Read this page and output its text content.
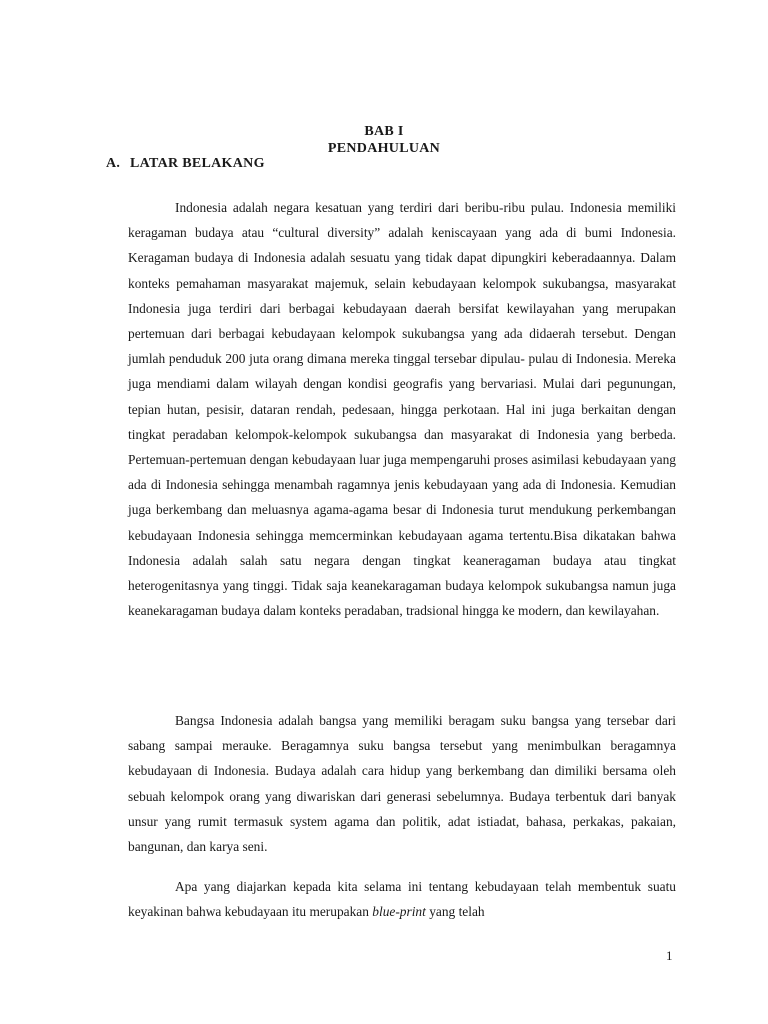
BAB I
PENDAHULUAN
A. LATAR BELAKANG

Indonesia adalah negara kesatuan yang terdiri dari beribu-ribu pulau. Indonesia memiliki keragaman budaya atau “cultural diversity” adalah keniscayaan yang ada di bumi Indonesia. Keragaman budaya di Indonesia adalah sesuatu yang tidak dapat dipungkiri keberadaannya. Dalam konteks pemahaman masyarakat majemuk, selain kebudayaan kelompok sukubangsa, masyarakat Indonesia juga terdiri dari berbagai kebudayaan daerah bersifat kewilayahan yang merupakan pertemuan dari berbagai kebudayaan kelompok sukubangsa yang ada didaerah tersebut. Dengan jumlah penduduk 200 juta orang dimana mereka tinggal tersebar dipulau- pulau di Indonesia. Mereka juga mendiami dalam wilayah dengan kondisi geografis yang bervariasi. Mulai dari pegunungan, tepian hutan, pesisir, dataran rendah, pedesaan, hingga perkotaan. Hal ini juga berkaitan dengan tingkat peradaban kelompok-kelompok sukubangsa dan masyarakat di Indonesia yang berbeda. Pertemuan-pertemuan dengan kebudayaan luar juga mempengaruhi proses asimilasi kebudayaan yang ada di Indonesia sehingga menambah ragamnya jenis kebudayaan yang ada di Indonesia. Kemudian juga berkembang dan meluasnya agama-agama besar di Indonesia turut mendukung perkembangan kebudayaan Indonesia sehingga memcerminkan kebudayaan agama tertentu.Bisa dikatakan bahwa Indonesia adalah salah satu negara dengan tingkat keaneragaman budaya atau tingkat heterogenitasnya yang tinggi. Tidak saja keanekaragaman budaya kelompok sukubangsa namun juga keanekaragaman budaya dalam konteks peradaban, tradsional hingga ke modern, dan kewilayahan.

Bangsa Indonesia adalah bangsa yang memiliki beragam suku bangsa yang tersebar dari sabang sampai merauke. Beragamnya suku bangsa tersebut yang menimbulkan beragamnya kebudayaan di Indonesia. Budaya adalah cara hidup yang berkembang dan dimiliki bersama oleh sebuah kelompok orang yang diwariskan dari generasi sebelumnya. Budaya terbentuk dari banyak unsur yang rumit termasuk system agama dan politik, adat istiadat, bahasa, perkakas, pakaian, bangunan, dan karya seni.

Apa yang diajarkan kepada kita selama ini tentang kebudayaan telah membentuk suatu keyakinan bahwa kebudayaan itu merupakan blue-print yang telah

1
